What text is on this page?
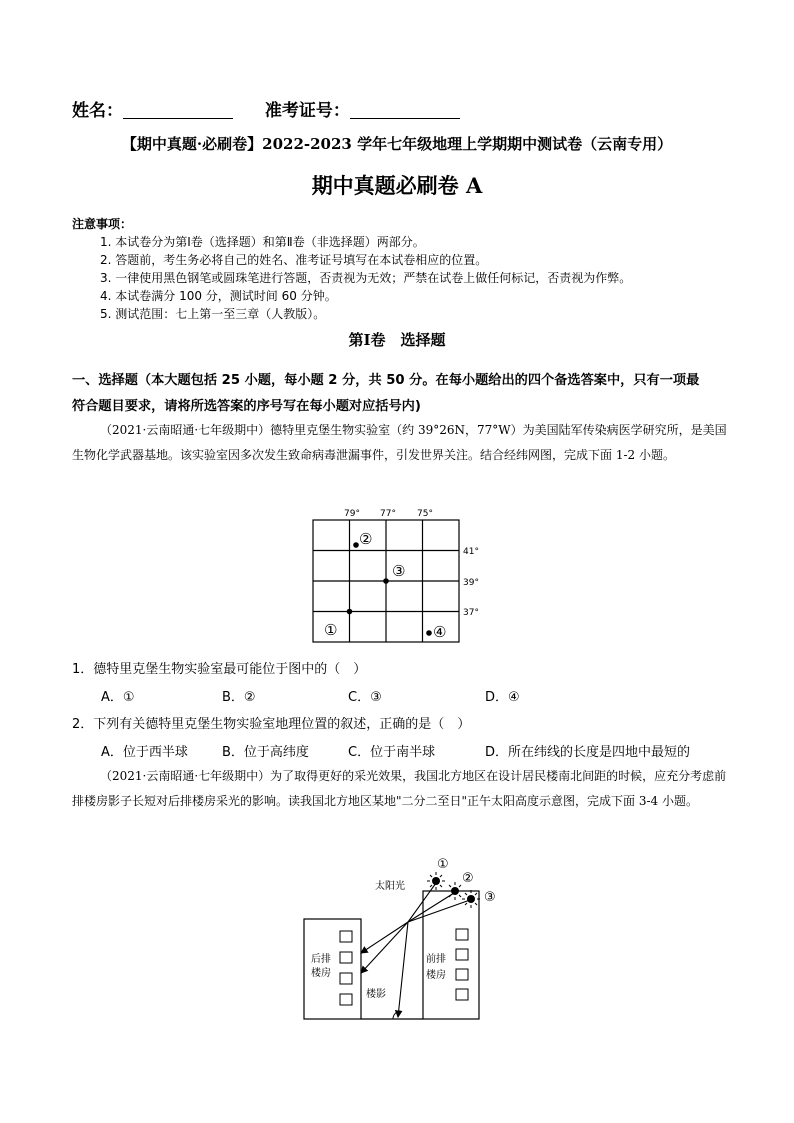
姓名：	准考证号：
【期中真题·必刷卷】2022-2023 学年七年级地理上学期期中测试卷（云南专用）
期中真题必刷卷 A
注意事项：
1. 本试卷分为第Ⅰ卷（选择题）和第Ⅱ卷（非选择题）两部分。
2. 答题前，考生务必将自己的姓名、准考证号填写在本试卷相应的位置。
3. 一律使用黑色钢笔或圆珠笔进行答题，否责视为无效；严禁在试卷上做任何标记，否责视为作弊。
4. 本试卷满分 100 分，测试时间 60 分钟。
5. 测试范围：七上第一至三章（人教版）。
第Ⅰ卷　选择题
一、选择题（本大题包括 25 小题，每小题 2 分，共 50 分。在每小题给出的四个备选答案中，只有一项最
符合题目要求，请将所选答案的序号写在每小题对应括号内)
（2021·云南昭通·七年级期中）德特里克堡生物实验室（约 39°26N，77°W）为美国陆军传染病医学研究所，是美国生物化学武器基地。该实验室因多次发生致命病毒泄漏事件，引发世界关注。结合经纬网图，完成下面 1-2 小题。
79° 77° 75°
41°
39°
37°
①
②
③
④
1．德特里克堡生物实验室最可能位于图中的（　）
A．①	B．②	C．③	D．④
2．下列有关德特里克堡生物实验室地理位置的叙述，正确的是（　）
A．位于西半球	B．位于高纬度	C．位于南半球	D．所在纬线的长度是四地中最短的
（2021·云南昭通·七年级期中）为了取得更好的采光效果，我国北方地区在设计居民楼南北间距的时候，应充分考虑前排楼房影子长短对后排楼房采光的影响。读我国北方地区某地"二分二至日"正午太阳高度示意图，完成下面 3-4 小题。
后排
楼房
前排
楼房
楼影
①
②
③
太阳光
